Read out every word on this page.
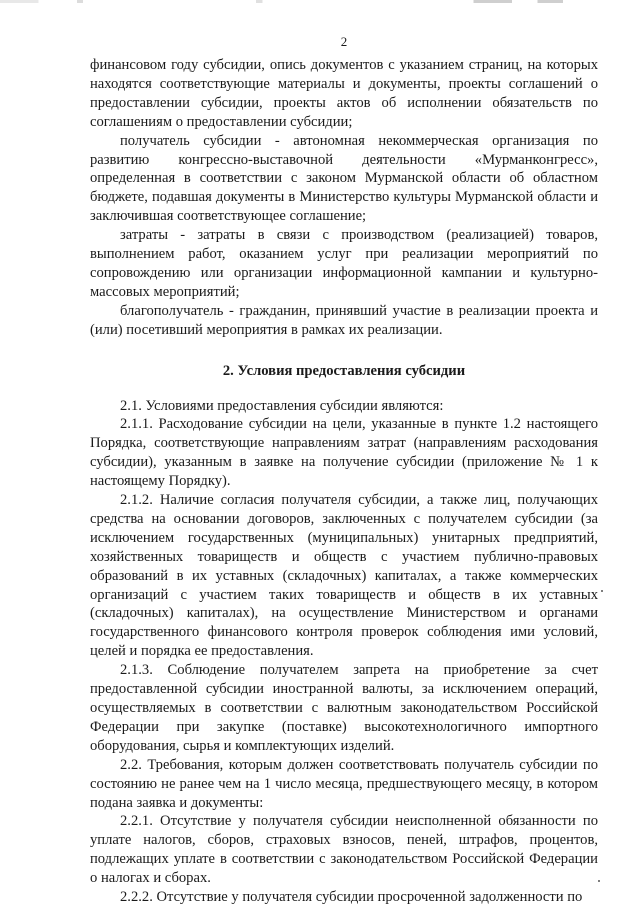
2

финансовом году субсидии, опись документов с указанием страниц, на которых находятся соответствующие материалы и документы, проекты соглашений о предоставлении субсидии, проекты актов об исполнении обязательств по соглашениям о предоставлении субсидии;

получатель субсидии - автономная некоммерческая организация по развитию конгрессно-выставочной деятельности «Мурманконгресс», определенная в соответствии с законом Мурманской области об областном бюджете, подавшая документы в Министерство культуры Мурманской области и заключившая соответствующее соглашение;

затраты - затраты в связи с производством (реализацией) товаров, выполнением работ, оказанием услуг при реализации мероприятий по сопровождению или организации информационной кампании и культурно-массовых мероприятий;

благополучатель - гражданин, принявший участие в реализации проекта и (или) посетивший мероприятия в рамках их реализации.

2. Условия предоставления субсидии

2.1. Условиями предоставления субсидии являются:

2.1.1. Расходование субсидии на цели, указанные в пункте 1.2 настоящего Порядка, соответствующие направлениям затрат (направлениям расходования субсидии), указанным в заявке на получение субсидии (приложение № 1 к настоящему Порядку).

2.1.2. Наличие согласия получателя субсидии, а также лиц, получающих средства на основании договоров, заключенных с получателем субсидии (за исключением государственных (муниципальных) унитарных предприятий, хозяйственных товариществ и обществ с участием публично-правовых образований в их уставных (складочных) капиталах, а также коммерческих организаций с участием таких товариществ и обществ в их уставных (складочных) капиталах), на осуществление Министерством и органами государственного финансового контроля проверок соблюдения ими условий, целей и порядка ее предоставления.

2.1.3. Соблюдение получателем запрета на приобретение за счет предоставленной субсидии иностранной валюты, за исключением операций, осуществляемых в соответствии с валютным законодательством Российской Федерации при закупке (поставке) высокотехнологичного импортного оборудования, сырья и комплектующих изделий.

2.2. Требования, которым должен соответствовать получатель субсидии по состоянию не ранее чем на 1 число месяца, предшествующего месяцу, в котором подана заявка и документы:

2.2.1. Отсутствие у получателя субсидии неисполненной обязанности по уплате налогов, сборов, страховых взносов, пеней, штрафов, процентов, подлежащих уплате в соответствии с законодательством Российской Федерации о налогах и сборах.

2.2.2. Отсутствие у получателя субсидии просроченной задолженности по
